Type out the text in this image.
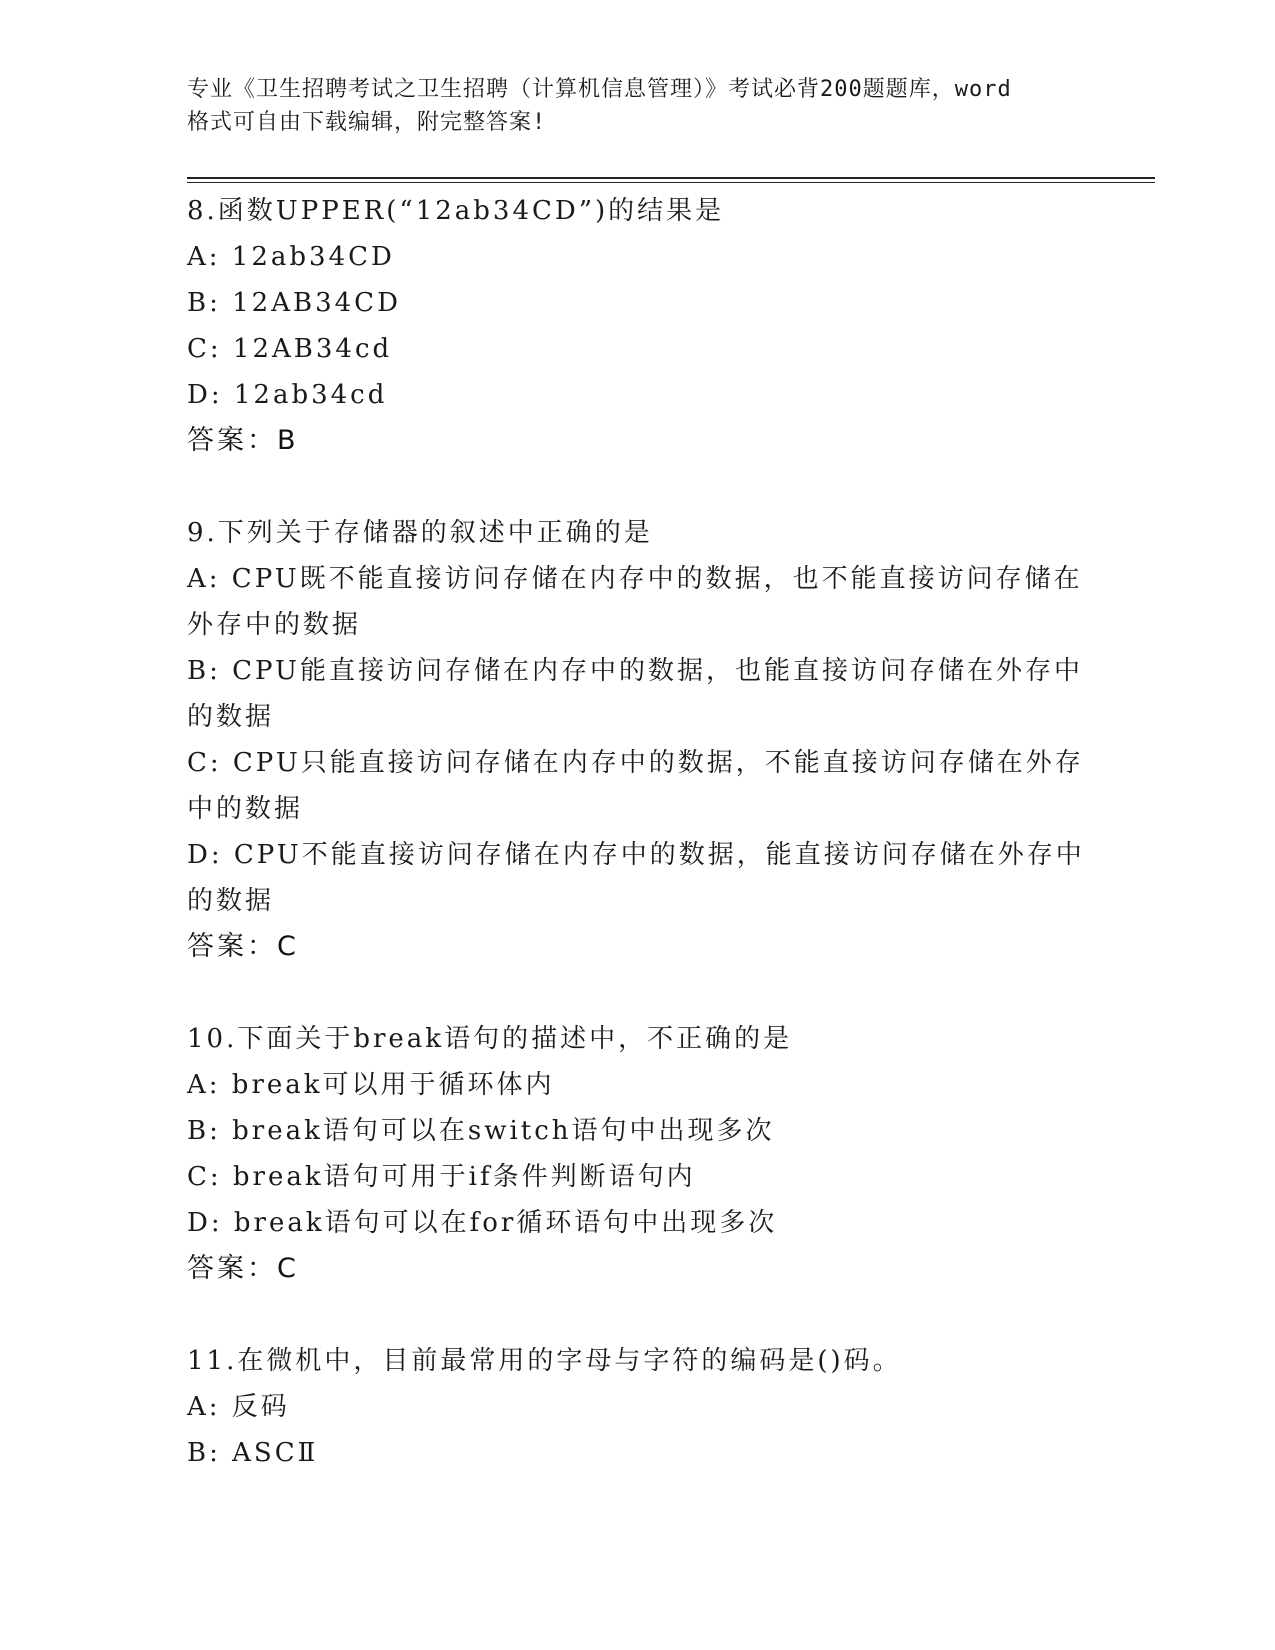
专业《卫生招聘考试之卫生招聘（计算机信息管理）》考试必背200题题库，word
格式可自由下载编辑，附完整答案!
8.函数UPPER(“12ab34CD”)的结果是
A: 12ab34CD
B: 12AB34CD
C: 12AB34cd
D: 12ab34cd
答案：B
9.下列关于存储器的叙述中正确的是
A: CPU既不能直接访问存储在内存中的数据，也不能直接访问存储在外存中的数据
B: CPU能直接访问存储在内存中的数据，也能直接访问存储在外存中的数据
C: CPU只能直接访问存储在内存中的数据，不能直接访问存储在外存中的数据
D: CPU不能直接访问存储在内存中的数据，能直接访问存储在外存中的数据
答案：C
10.下面关于break语句的描述中，不正确的是
A: break可以用于循环体内
B: break语句可以在switch语句中出现多次
C: break语句可用于if条件判断语句内
D: break语句可以在for循环语句中出现多次
答案：C
11.在微机中，目前最常用的字母与字符的编码是()码。
A: 反码
B: ASCⅡ
